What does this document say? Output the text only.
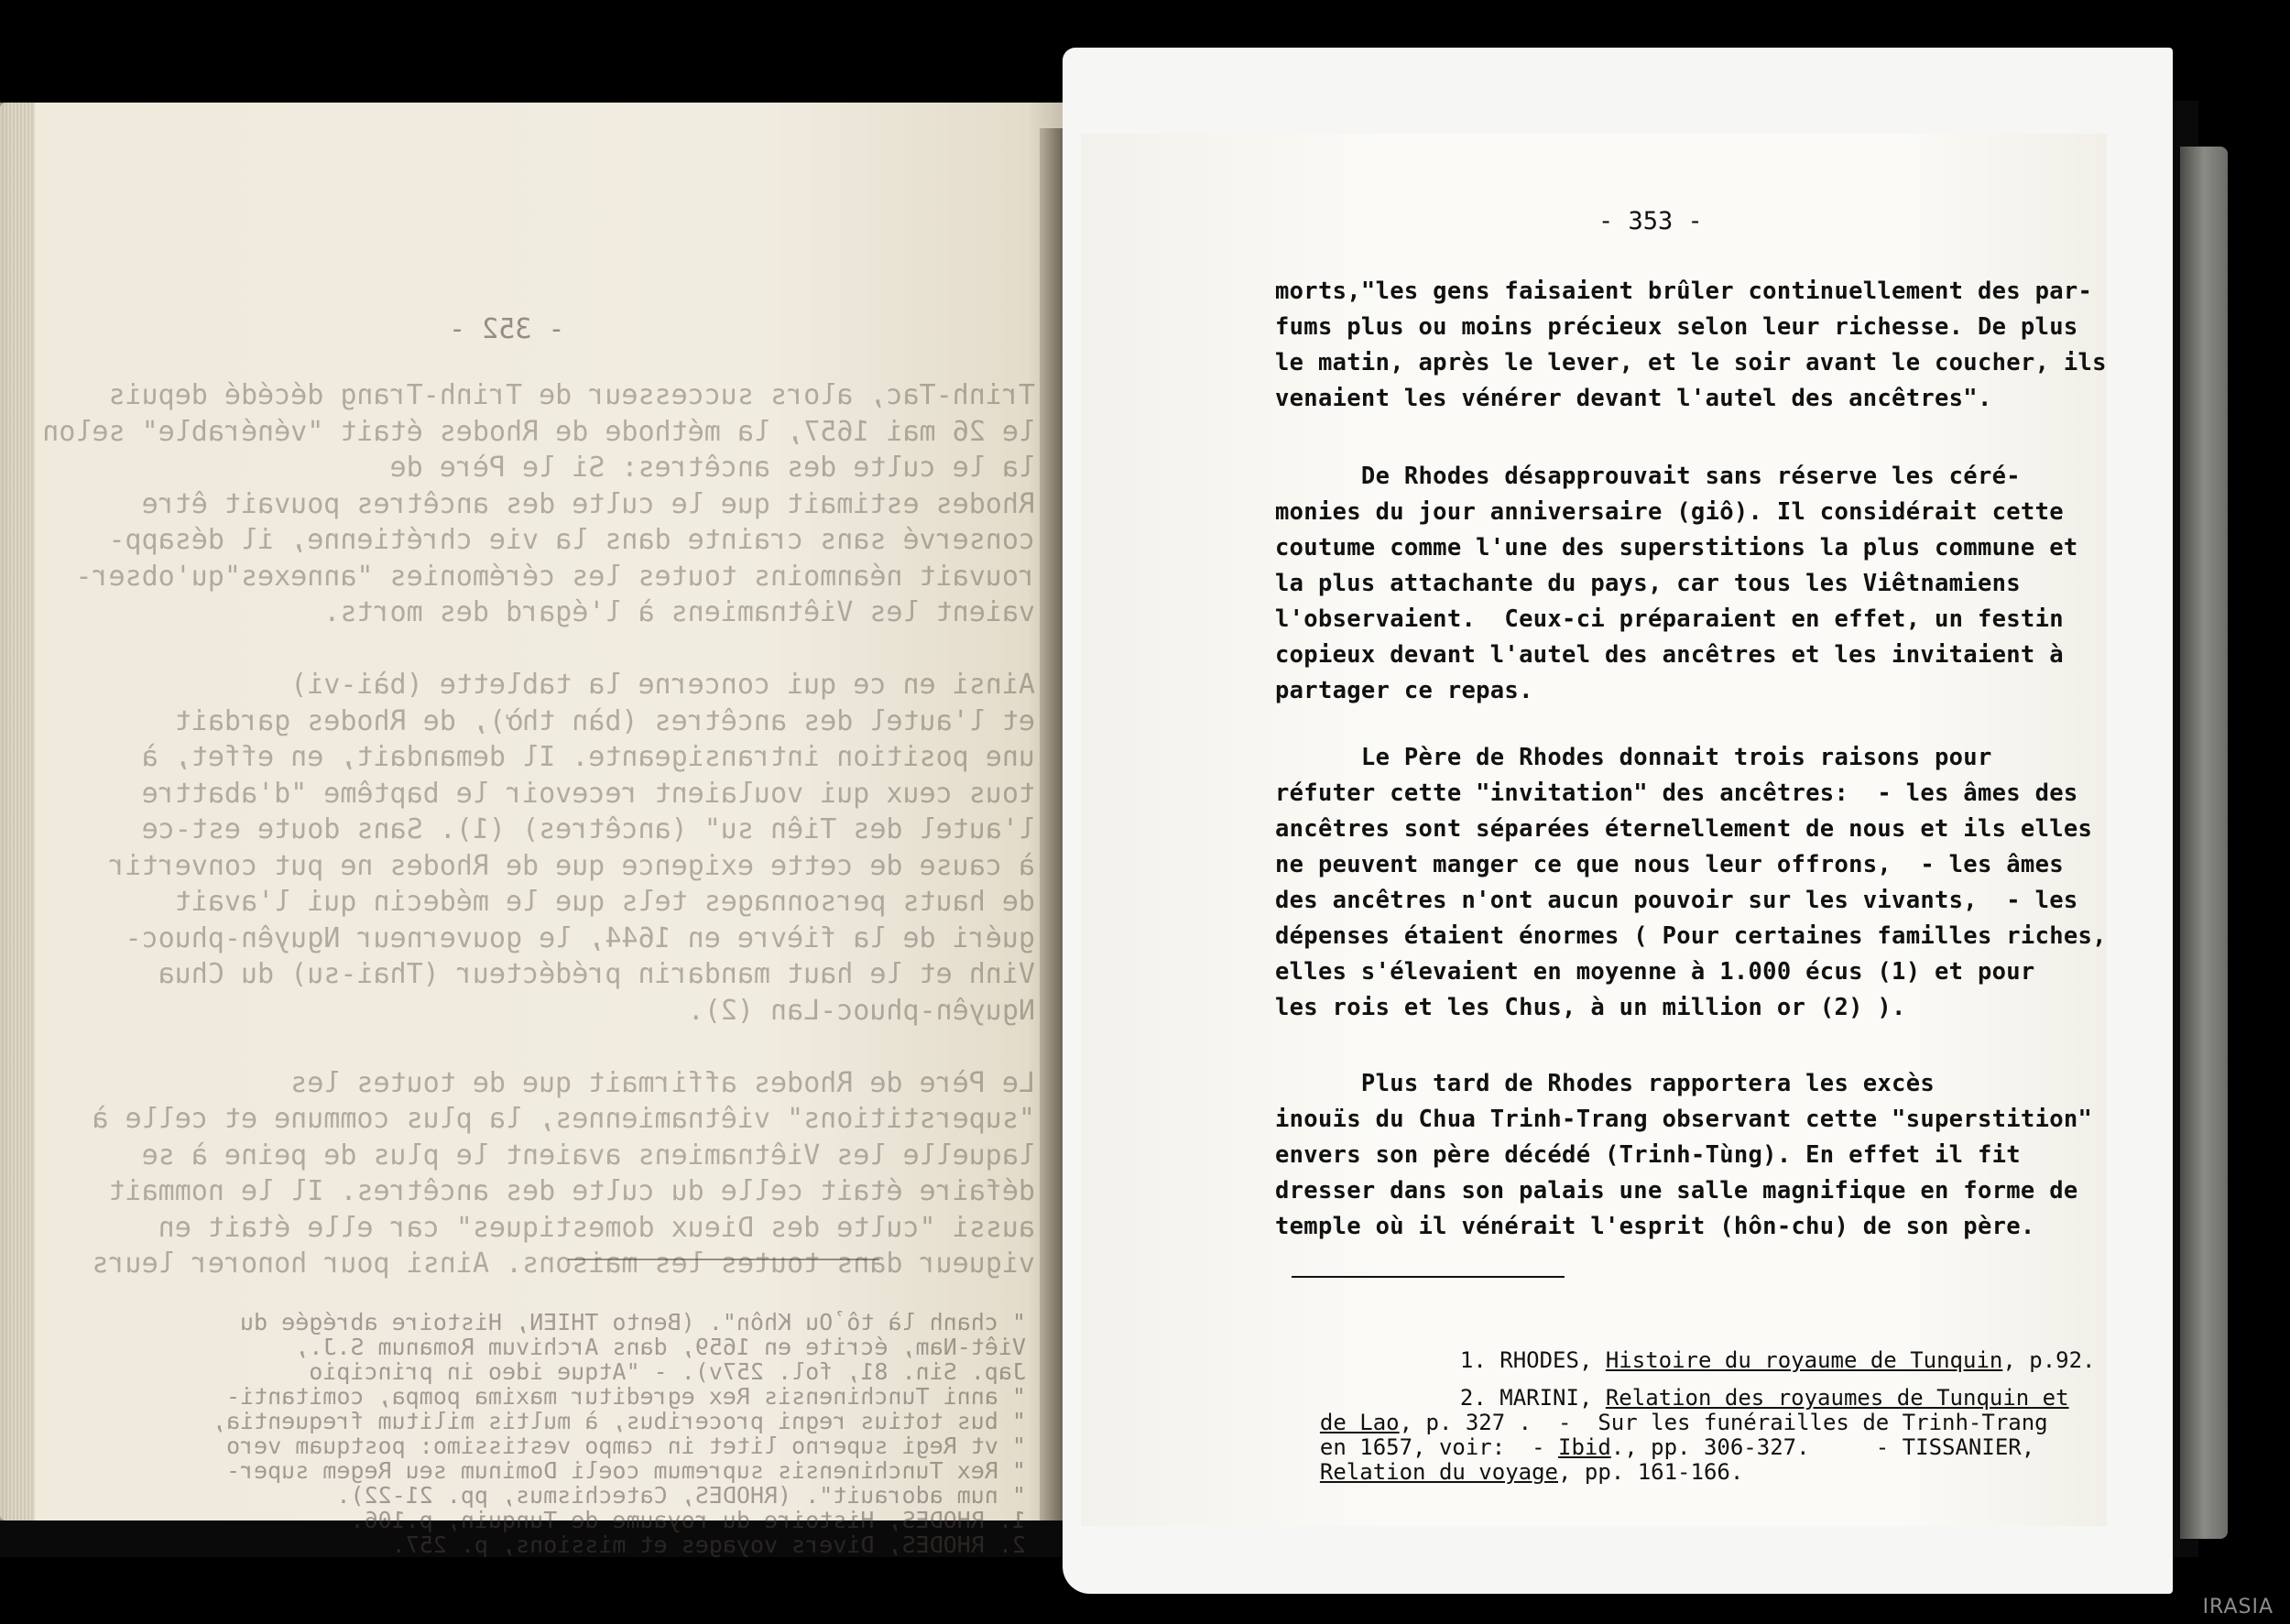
- 352 -
Trinh-Tac, alors successeur de Trinh-Trang décédé depuis
le 26 mai 1657, la méthode de Rhodes était "vénérable" selon
la le culte des ancêtres: Si le Père de
Rhodes estimait que le culte des ancêtres pouvait être
conservé sans crainte dans la vie chrétienne, il désapp-
rouvait néanmoins toutes les cérémonies "annexes"qu'obser-
vaient les Viêtnamiens à l'égard des morts.

Ainsi en ce qui concerne la tablette (bài-vi)
et l'autel des ancêtres (bàn thờ), de Rhodes gardait
une position intransigeante. Il demandait, en effet, à
tous ceux qui voulaient recevoir le baptême "d'abattre
l'autel des Tiên su" (ancêtres) (1). Sans doute est-ce
à cause de cette exigence que de Rhodes ne put convertir
de hauts personnages tels que le médecin qui l'avait
guéri de la fièvre en 1644, le gouverneur Nguyên-phuoc-
Vinh et le haut mandarin prédécteur (Thai-su) du Chua
Nguyên-phuoc-Lan (2).

Le Père de Rhodes affirmait que de toutes les
"superstitions" viêtnamiennes, la plus commune et celle à
laquelle les Viêtnamiens avaient le plus de peine à se
défaire était celle du culte des ancêtres. Il le nommait
aussi "culte des Dieux domestiques" car elle était en
vigueur dans toutes les maisons. Ainsi pour honorer leurs
" chanh là tổ Ou Khôn". (Bento THIEN, Histoire abrégée du
Viêt-Nam, écrite en 1659, dans Archivum Romanum S.J.,
Jap. Sin. 81, fol. 257v). - "Atque ideo in principio
" anni Tunchinensis Rex egreditur maxima pompa, comitanti-
" bus totius regni proceribus, à multis militum frequentia,
" vt Regi superno litet in campo vestissimo: postquam vero
" Rex Tunchinensis supremum coeli Dominum seu Regem super-
" num adorauit". (RHODES, Catechismus, pp. 21-22).
1. RHODES, Histoire du royaume de Tunquin, p.106.
2. RHODES, Divers voyages et missions, p. 257.
- 353 -
morts,"les gens faisaient brûler continuellement des par-
fums plus ou moins précieux selon leur richesse. De plus
le matin, après le lever, et le soir avant le coucher, ils
venaient les vénérer devant l'autel des ancêtres".
De Rhodes désapprouvait sans réserve les céré-
monies du jour anniversaire (giô). Il considérait cette
coutume comme l'une des superstitions la plus commune et
la plus attachante du pays, car tous les Viêtnamiens
l'observaient.  Ceux-ci préparaient en effet, un festin
copieux devant l'autel des ancêtres et les invitaient à
partager ce repas.
Le Père de Rhodes donnait trois raisons pour
réfuter cette "invitation" des ancêtres:  - les âmes des
ancêtres sont séparées éternellement de nous et ils elles
ne peuvent manger ce que nous leur offrons,  - les âmes
des ancêtres n'ont aucun pouvoir sur les vivants,  - les
dépenses étaient énormes ( Pour certaines familles riches,
elles s'élevaient en moyenne à 1.000 écus (1) et pour
les rois et les Chus, à un million or (2) ).
Plus tard de Rhodes rapportera les excès
inouïs du Chua Trinh-Trang observant cette "superstition"
envers son père décédé (Trinh-Tùng). En effet il fit
dresser dans son palais une salle magnifique en forme de
temple où il vénérait l'esprit (hôn-chu) de son père.

1. RHODES, Histoire du royaume de Tunquin, p.92.

2. MARINI, Relation des royaumes de Tunquin et

de Lao, p. 327 .  -  Sur les funérailles de Trinh-Trang

en 1657, voir:  - Ibid., pp. 306-327.     - TISSANIER,

Relation du voyage, pp. 161-166.

IRASIA
